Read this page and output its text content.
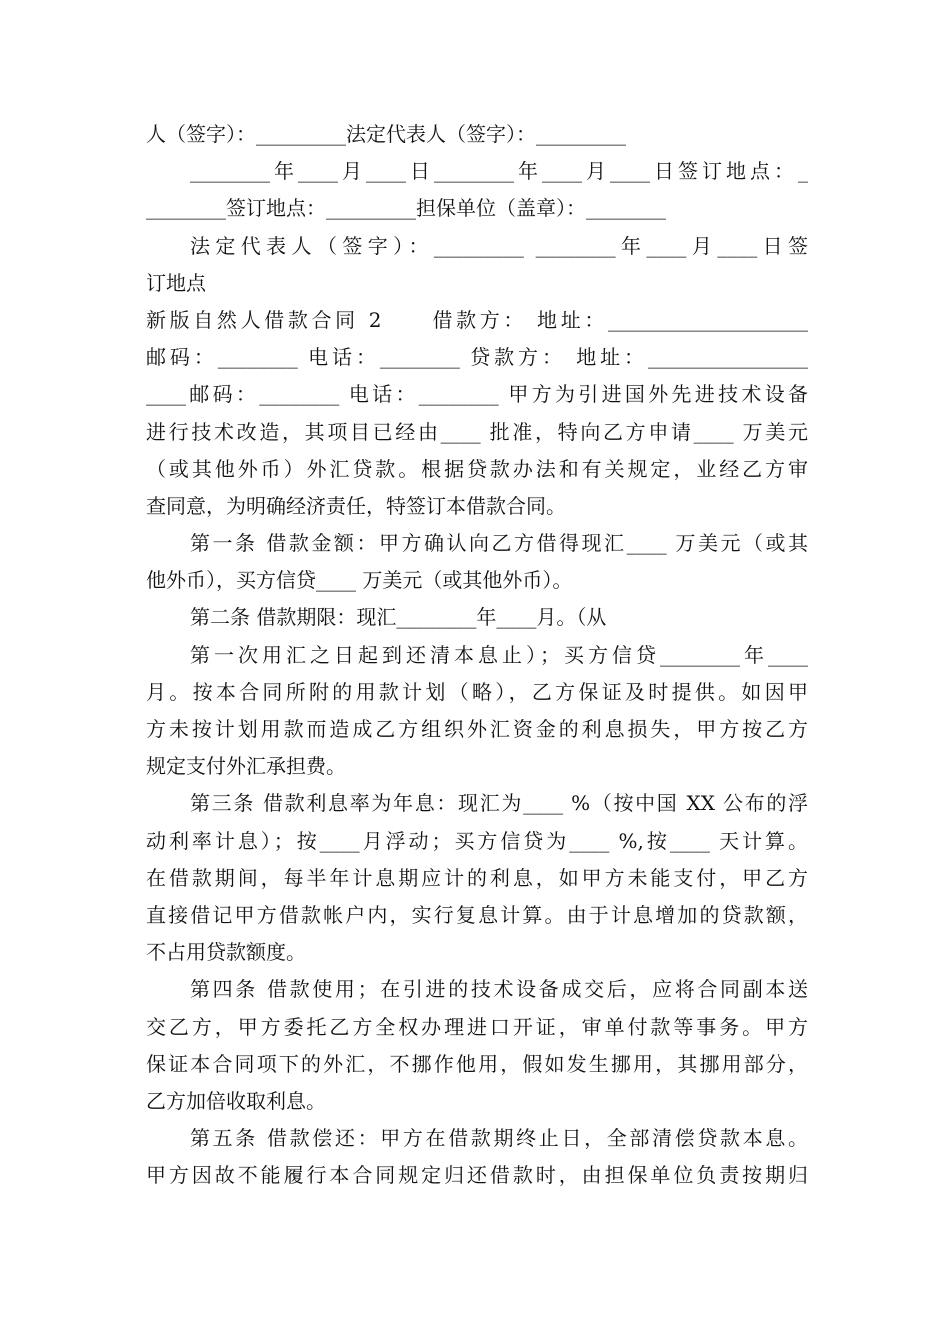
人（签字）：_________法定代表人（签字）：_________
________年____月____日________年____月____日签订地点：_
________签订地点：_________担保单位（盖章）：________
法定代表人（签字）：_________ ________年____月____日签
订地点
新版自然人借款合同 2　　借款方： 地址：____________________
邮码：________ 电话：________ 贷款方： 地址：________________
____邮码：________ 电话：________ 甲方为引进国外先进技术设备
进行技术改造，其项目已经由____ 批准，特向乙方申请____ 万美元
（或其他外币）外汇贷款。根据贷款办法和有关规定，业经乙方审
查同意，为明确经济责任，特签订本借款合同。
第一条 借款金额：甲方确认向乙方借得现汇____ 万美元（或其
他外币），买方信贷____ 万美元（或其他外币）。
第二条 借款期限：现汇________年____月。（从
第一次用汇之日起到还清本息止）；买方信贷________年____
月。按本合同所附的用款计划（略），乙方保证及时提供。如因甲
方未按计划用款而造成乙方组织外汇资金的利息损失，甲方按乙方
规定支付外汇承担费。
第三条 借款利息率为年息：现汇为____ %（按中国 XX 公布的浮
动利率计息）；按____月浮动；买方信贷为____ %,按____ 天计算。
在借款期间，每半年计息期应计的利息，如甲方未能支付，甲乙方
直接借记甲方借款帐户内，实行复息计算。由于计息增加的贷款额，
不占用贷款额度。
第四条 借款使用；在引进的技术设备成交后，应将合同副本送
交乙方，甲方委托乙方全权办理进口开证，审单付款等事务。甲方
保证本合同项下的外汇，不挪作他用，假如发生挪用，其挪用部分，
乙方加倍收取利息。
第五条 借款偿还：甲方在借款期终止日，全部清偿贷款本息。
甲方因故不能履行本合同规定归还借款时，由担保单位负责按期归
